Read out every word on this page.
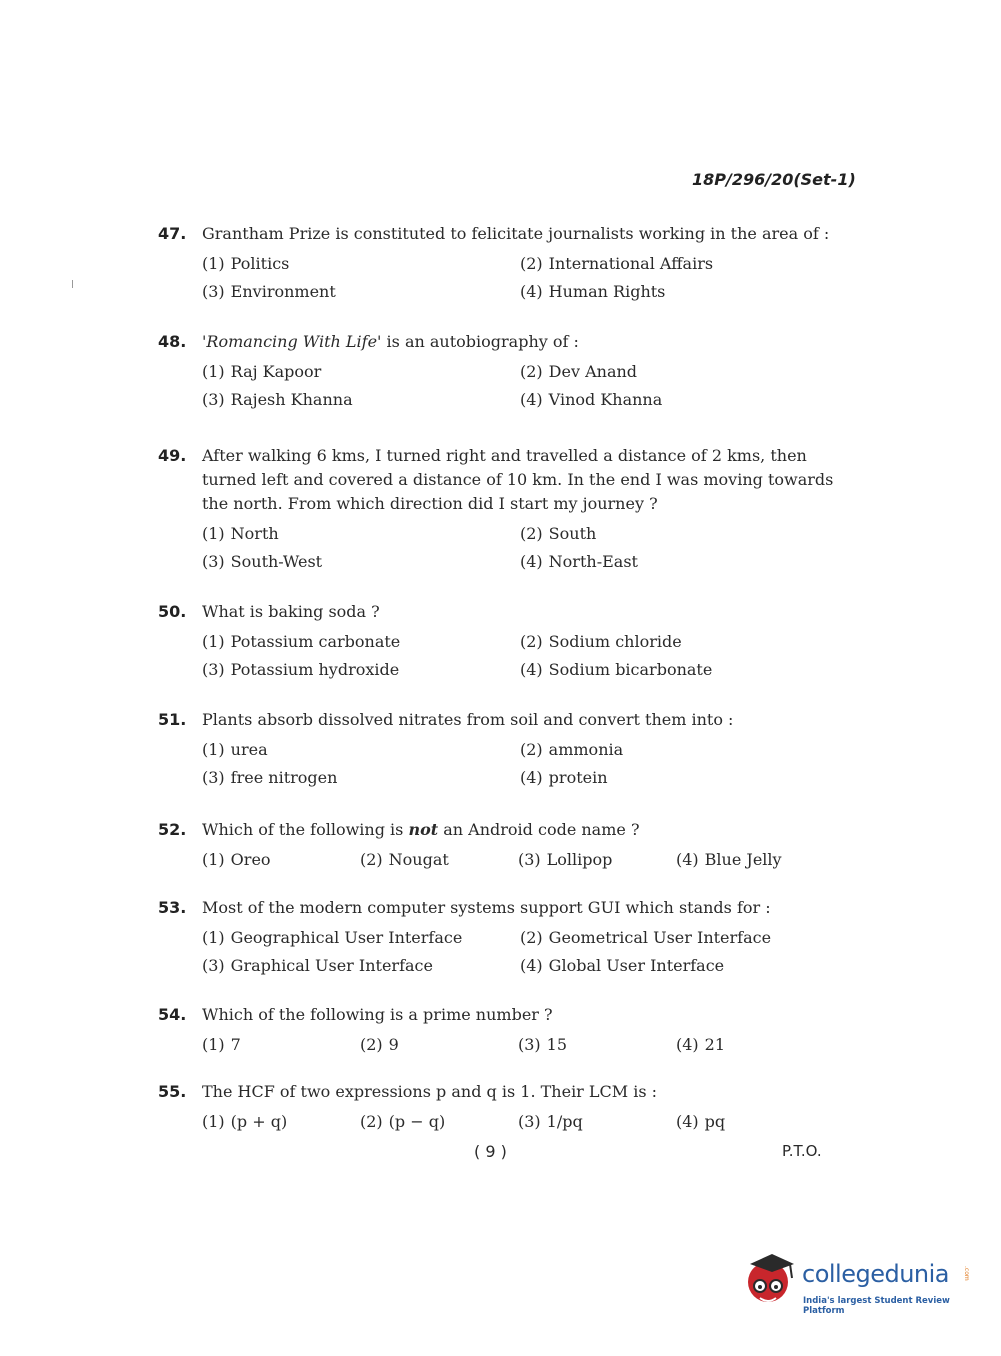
18P/296/20(Set-1)
47. Grantham Prize is constituted to felicitate journalists working in the area of :
(1) Politics	(2) International Affairs
(3) Environment	(4) Human Rights
48. 'Romancing With Life' is an autobiography of :
(1) Raj Kapoor	(2) Dev Anand
(3) Rajesh Khanna	(4) Vinod Khanna
49. After walking 6 kms, I turned right and travelled a distance of 2 kms, then turned left and covered a distance of 10 km. In the end I was moving towards the north. From which direction did I start my journey ?
(1) North	(2) South
(3) South-West	(4) North-East
50. What is baking soda ?
(1) Potassium carbonate	(2) Sodium chloride
(3) Potassium hydroxide	(4) Sodium bicarbonate
51. Plants absorb dissolved nitrates from soil and convert them into :
(1) urea	(2) ammonia
(3) free nitrogen	(4) protein
52. Which of the following is not an Android code name ?
(1) Oreo	(2) Nougat	(3) Lollipop	(4) Blue Jelly
53. Most of the modern computer systems support GUI which stands for :
(1) Geographical User Interface	(2) Geometrical User Interface
(3) Graphical User Interface	(4) Global User Interface
54. Which of the following is a prime number ?
(1) 7	(2) 9	(3) 15	(4) 21
55. The HCF of two expressions p and q is 1. Their LCM is :
(1) (p + q)	(2) (p − q)	(3) 1/pq	(4) pq
( 9 )	P.T.O.
collegedunia .com
India's largest Student Review Platform
